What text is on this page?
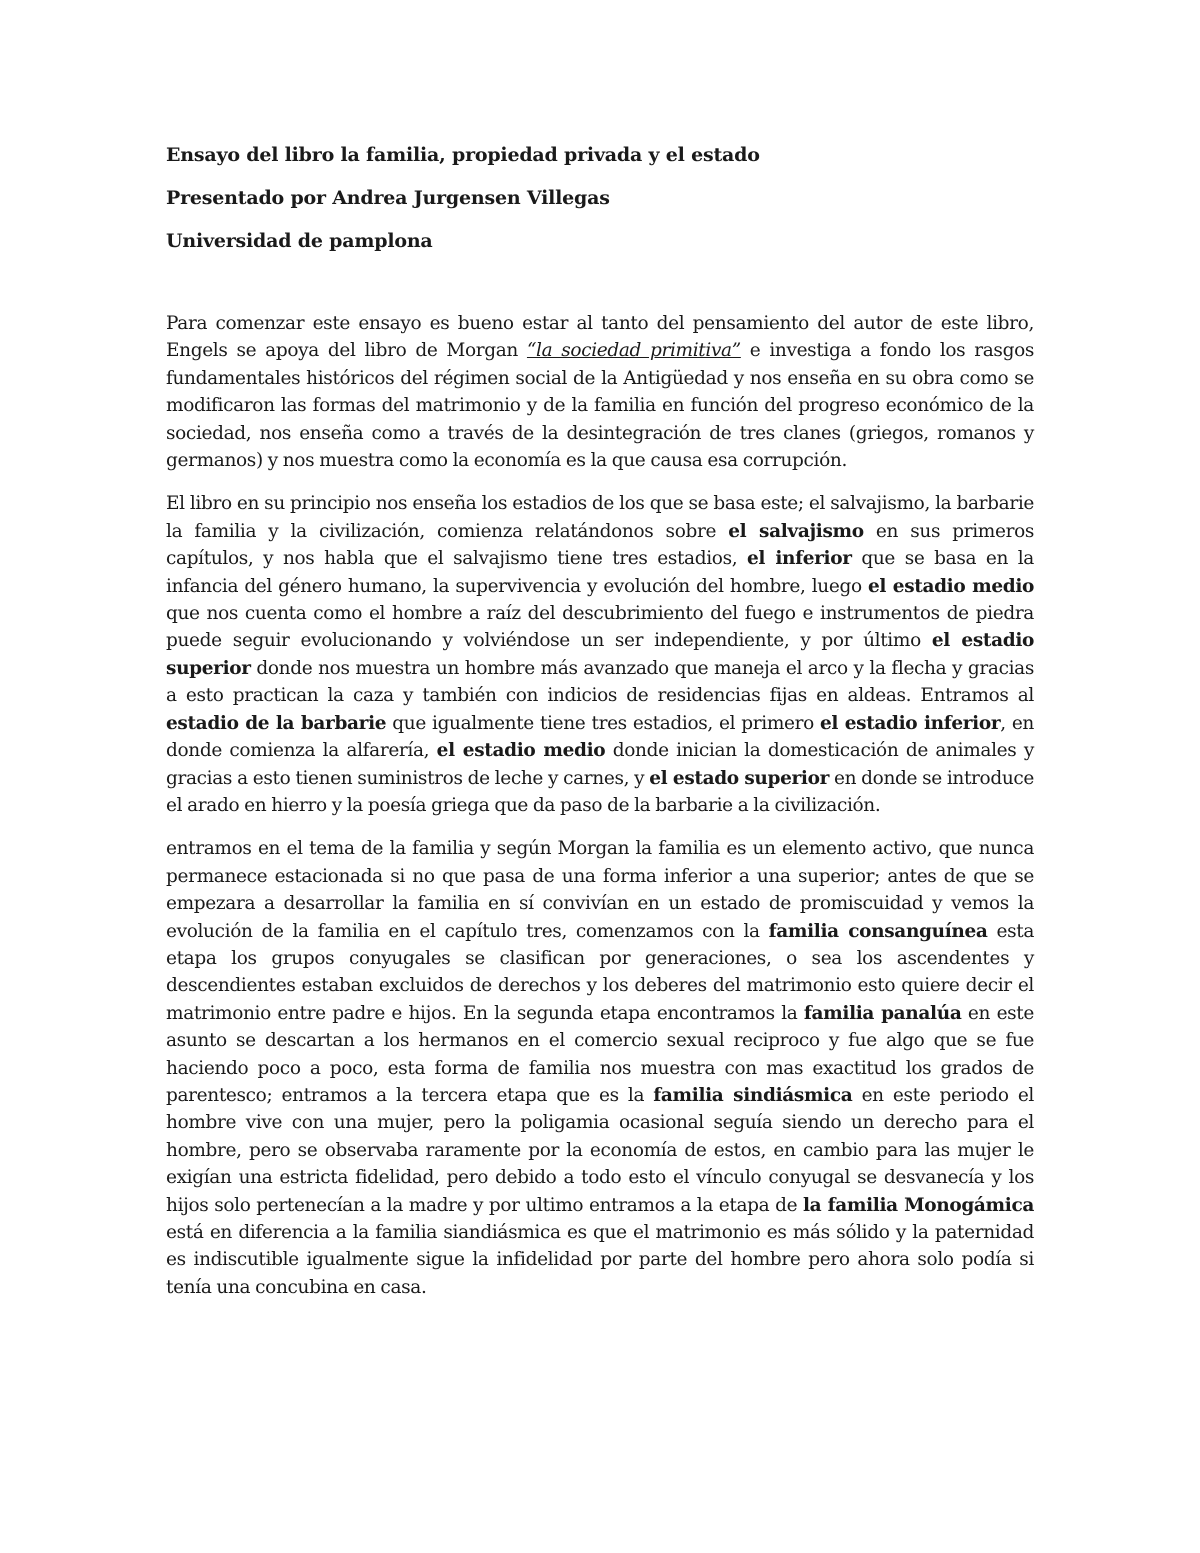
Ensayo del libro la familia, propiedad privada y el estado

Presentado por Andrea Jurgensen Villegas

Universidad de pamplona

Para comenzar este ensayo es bueno estar al tanto del pensamiento del autor de este libro, Engels se apoya del libro de Morgan “la sociedad primitiva” e investiga a fondo los rasgos fundamentales históricos del régimen social de la Antigüedad y nos enseña en su obra como se modificaron las formas del matrimonio y de la familia en función del progreso económico de la sociedad, nos enseña como a través de la desintegración de tres clanes (griegos, romanos y germanos) y nos muestra como la economía es la que causa esa corrupción.

El libro en su principio nos enseña los estadios de los que se basa este; el salvajismo, la barbarie la familia y la civilización, comienza relatándonos sobre el salvajismo en sus primeros capítulos, y nos habla que el salvajismo tiene tres estadios, el inferior que se basa en la infancia del género humano, la supervivencia y evolución del hombre, luego el estadio medio que nos cuenta como el hombre a raíz del descubrimiento del fuego e instrumentos de piedra puede seguir evolucionando y volviéndose un ser independiente, y por último el estadio superior donde nos muestra un hombre más avanzado que maneja el arco y la flecha y gracias a esto practican la caza y también con indicios de residencias fijas en aldeas. Entramos al estadio de la barbarie que igualmente tiene tres estadios, el primero el estadio inferior, en donde comienza la alfarería, el estadio medio donde inician la domesticación de animales y gracias a esto tienen suministros de leche y carnes, y el estado superior en donde se introduce el arado en hierro y la poesía griega que da paso de la barbarie a la civilización.

entramos en el tema de la familia y según Morgan la familia es un elemento activo, que nunca permanece estacionada si no que pasa de una forma inferior a una superior; antes de que se empezara a desarrollar la familia en sí convivían en un estado de promiscuidad y vemos la evolución de la familia en el capítulo tres, comenzamos con la familia consanguínea esta etapa los grupos conyugales se clasifican por generaciones, o sea los ascendentes y descendientes estaban excluidos de derechos y los deberes del matrimonio esto quiere decir el matrimonio entre padre e hijos. En la segunda etapa encontramos la familia panalúa en este asunto se descartan a los hermanos en el comercio sexual reciproco y fue algo que se fue haciendo poco a poco, esta forma de familia nos muestra con mas exactitud los grados de parentesco; entramos a la tercera etapa que es la familia sindiásmica en este periodo el hombre vive con una mujer, pero la poligamia ocasional seguía siendo un derecho para el hombre, pero se observaba raramente por la economía de estos, en cambio para las mujer le exigían una estricta fidelidad, pero debido a todo esto el vínculo conyugal se desvanecía y los hijos solo pertenecían a la madre y por ultimo entramos a la etapa de la familia Monogámica está en diferencia a la familia siandiásmica es que el matrimonio es más sólido y la paternidad es indiscutible igualmente sigue la infidelidad por parte del hombre pero ahora solo podía si tenía una concubina en casa.
